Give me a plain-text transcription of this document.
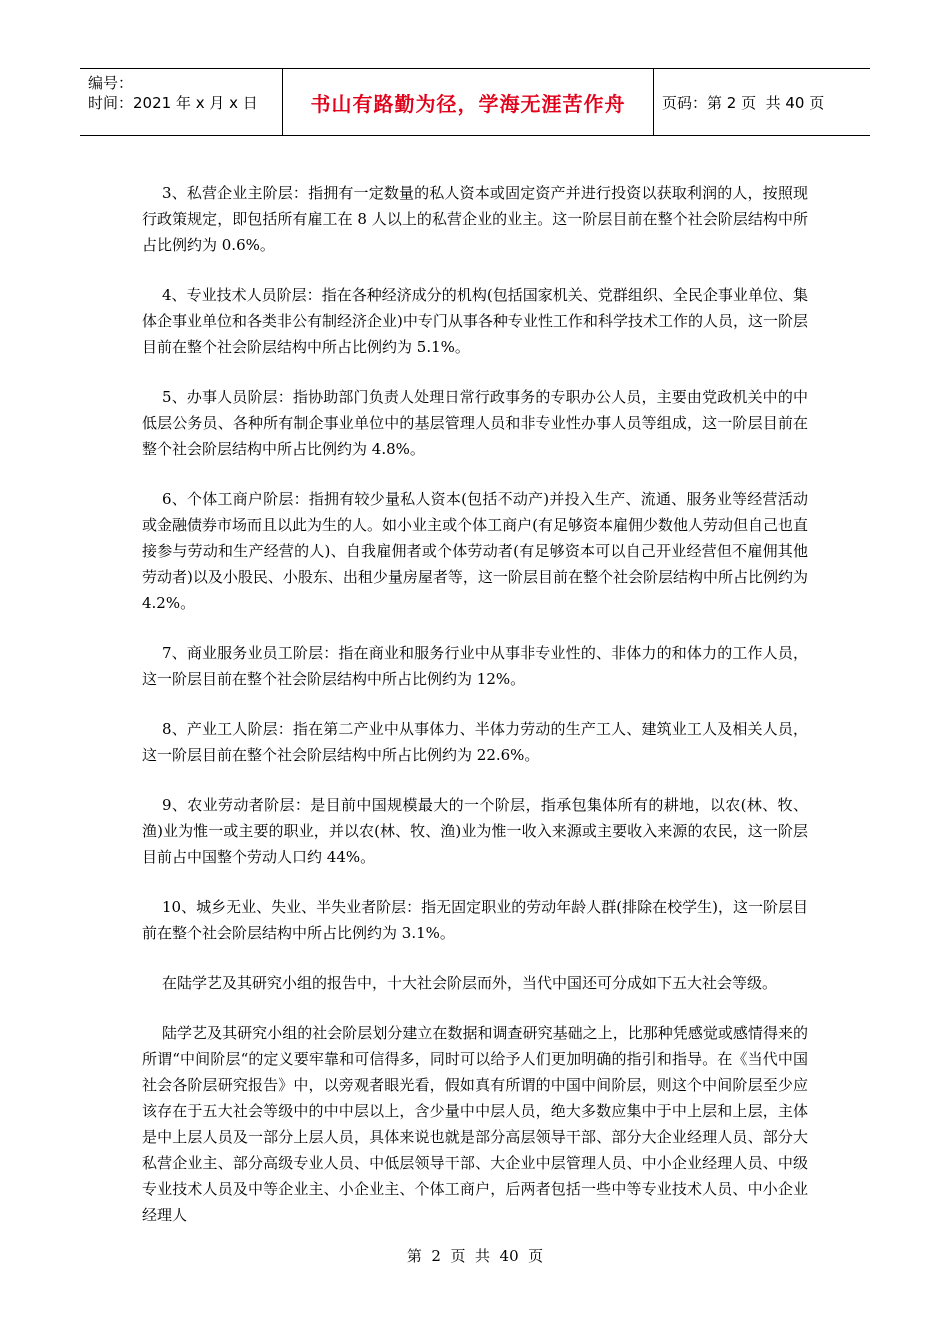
编号：
时间：2021 年 x 月 x 日	书山有路勤为径，学海无涯苦作舟	页码：第 2 页  共 40 页

3、私营企业主阶层：指拥有一定数量的私人资本或固定资产并进行投资以获取利润的人，按照现行政策规定，即包括所有雇工在 8 人以上的私营企业的业主。这一阶层目前在整个社会阶层结构中所占比例约为 0.6%。

4、专业技术人员阶层：指在各种经济成分的机构(包括国家机关、党群组织、全民企事业单位、集体企事业单位和各类非公有制经济企业)中专门从事各种专业性工作和科学技术工作的人员，这一阶层目前在整个社会阶层结构中所占比例约为 5.1%。

5、办事人员阶层：指协助部门负责人处理日常行政事务的专职办公人员，主要由党政机关中的中低层公务员、各种所有制企事业单位中的基层管理人员和非专业性办事人员等组成，这一阶层目前在整个社会阶层结构中所占比例约为 4.8%。

6、个体工商户阶层：指拥有较少量私人资本(包括不动产)并投入生产、流通、服务业等经营活动或金融债券市场而且以此为生的人。如小业主或个体工商户(有足够资本雇佣少数他人劳动但自己也直接参与劳动和生产经营的人)、自我雇佣者或个体劳动者(有足够资本可以自己开业经营但不雇佣其他劳动者)以及小股民、小股东、出租少量房屋者等，这一阶层目前在整个社会阶层结构中所占比例约为 4.2%。

7、商业服务业员工阶层：指在商业和服务行业中从事非专业性的、非体力的和体力的工作人员，这一阶层目前在整个社会阶层结构中所占比例约为 12%。

8、产业工人阶层：指在第二产业中从事体力、半体力劳动的生产工人、建筑业工人及相关人员，这一阶层目前在整个社会阶层结构中所占比例约为 22.6%。

9、农业劳动者阶层：是目前中国规模最大的一个阶层，指承包集体所有的耕地，以农(林、牧、渔)业为惟一或主要的职业，并以农(林、牧、渔)业为惟一收入来源或主要收入来源的农民，这一阶层目前占中国整个劳动人口约 44%。

10、城乡无业、失业、半失业者阶层：指无固定职业的劳动年龄人群(排除在校学生)，这一阶层目前在整个社会阶层结构中所占比例约为 3.1%。

在陆学艺及其研究小组的报告中，十大社会阶层而外，当代中国还可分成如下五大社会等级。

陆学艺及其研究小组的社会阶层划分建立在数据和调查研究基础之上，比那种凭感觉或感情得来的所谓“中间阶层“的定义要牢靠和可信得多，同时可以给予人们更加明确的指引和指导。在《当代中国社会各阶层研究报告》中，以旁观者眼光看，假如真有所谓的中国中间阶层，则这个中间阶层至少应该存在于五大社会等级中的中中层以上，含少量中中层人员，绝大多数应集中于中上层和上层，主体是中上层人员及一部分上层人员，具体来说也就是部分高层领导干部、部分大企业经理人员、部分大私营企业主、部分高级专业人员、中低层领导干部、大企业中层管理人员、中小企业经理人员、中级专业技术人员及中等企业主、小企业主、个体工商户，后两者包括一些中等专业技术人员、中小企业经理人

第  2  页  共  40  页
